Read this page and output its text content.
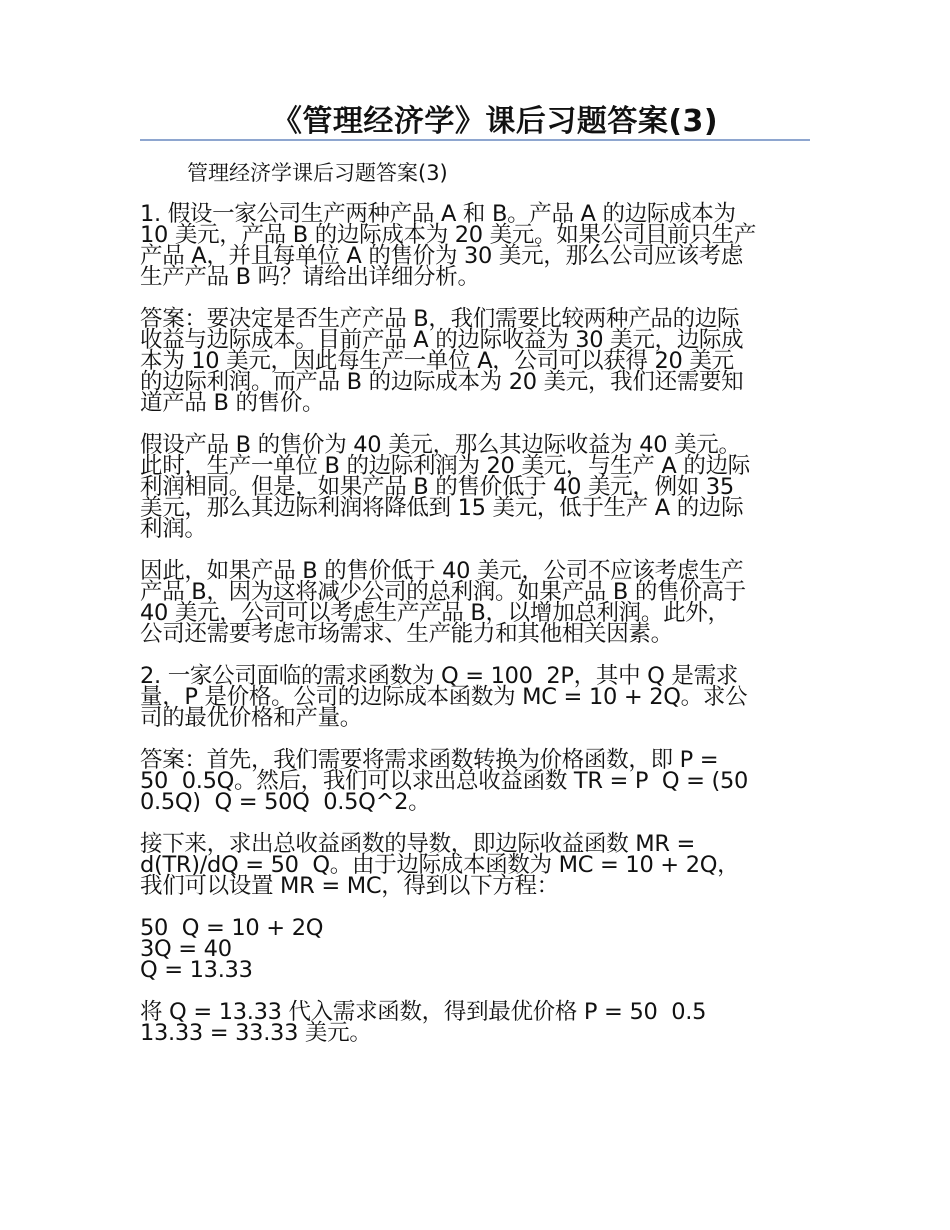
《管理经济学》课后习题答案(3)

管理经济学课后习题答案(3)

1. 假设一家公司生产两种产品 A 和 B。产品 A 的边际成本为
10 美元，产品 B 的边际成本为 20 美元。如果公司目前只生产
产品 A，并且每单位 A 的售价为 30 美元，那么公司应该考虑
生产产品 B 吗？请给出详细分析。

答案：要决定是否生产产品 B，我们需要比较两种产品的边际
收益与边际成本。目前产品 A 的边际收益为 30 美元，边际成
本为 10 美元，因此每生产一单位 A，公司可以获得 20 美元
的边际利润。而产品 B 的边际成本为 20 美元，我们还需要知
道产品 B 的售价。

假设产品 B 的售价为 40 美元，那么其边际收益为 40 美元。
此时，生产一单位 B 的边际利润为 20 美元，与生产 A 的边际
利润相同。但是，如果产品 B 的售价低于 40 美元，例如 35
美元，那么其边际利润将降低到 15 美元，低于生产 A 的边际
利润。

因此，如果产品 B 的售价低于 40 美元，公司不应该考虑生产
产品 B，因为这将减少公司的总利润。如果产品 B 的售价高于
40 美元，公司可以考虑生产产品 B，以增加总利润。此外，
公司还需要考虑市场需求、生产能力和其他相关因素。

2. 一家公司面临的需求函数为 Q = 100  2P，其中 Q 是需求
量，P 是价格。公司的边际成本函数为 MC = 10 + 2Q。求公
司的最优价格和产量。

答案：首先，我们需要将需求函数转换为价格函数，即 P =
50  0.5Q。然后，我们可以求出总收益函数 TR = P  Q = (50
0.5Q)  Q = 50Q  0.5Q^2。

接下来，求出总收益函数的导数，即边际收益函数 MR =
d(TR)/dQ = 50  Q。由于边际成本函数为 MC = 10 + 2Q，
我们可以设置 MR = MC，得到以下方程：

50  Q = 10 + 2Q
3Q = 40
Q = 13.33

将 Q = 13.33 代入需求函数，得到最优价格 P = 50  0.5
13.33 = 33.33 美元。
